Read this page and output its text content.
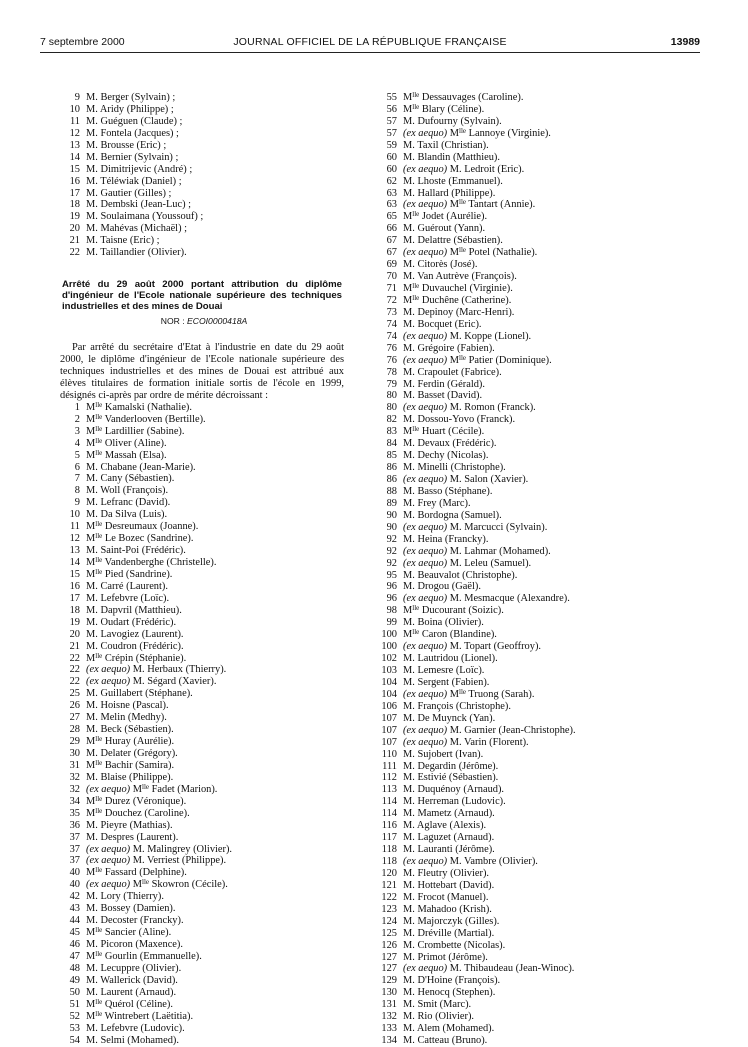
7 septembre 2000	JOURNAL OFFICIEL DE LA RÉPUBLIQUE FRANÇAISE	13989
9 M. Berger (Sylvain) ;
10 M. Aridy (Philippe) ;
11 M. Guéguen (Claude) ;
12 M. Fontela (Jacques) ;
13 M. Brousse (Eric) ;
14 M. Bernier (Sylvain) ;
15 M. Dimitrijevic (André) ;
16 M. Téléwiak (Daniel) ;
17 M. Gautier (Gilles) ;
18 M. Dembski (Jean-Luc) ;
19 M. Soulaimana (Youssouf) ;
20 M. Mahévas (Michaël) ;
21 M. Taisne (Eric) ;
22 M. Taillandier (Olivier).
Arrêté du 29 août 2000 portant attribution du diplôme d'ingénieur de l'Ecole nationale supérieure des techniques industrielles et des mines de Douai
NOR : ECOI0000418A
Par arrêté du secrétaire d'Etat à l'industrie en date du 29 août 2000, le diplôme d'ingénieur de l'Ecole nationale supérieure des techniques industrielles et des mines de Douai est attribué aux élèves titulaires de formation initiale sortis de l'école en 1999, désignés ci-après par ordre de mérite décroissant :
1 $M^{lle}$ Kamalski (Nathalie).
2 $M^{lle}$ Vanderlooven (Bertille).
3 $M^{lle}$ Lardillier (Sabine).
4 $M^{lle}$ Oliver (Aline).
5 $M^{lle}$ Massah (Elsa).
6 M. Chabane (Jean-Marie).
7 M. Cany (Sébastien).
8 M. Woll (François).
9 M. Lefranc (David).
10 M. Da Silva (Luis).
11 $M^{lle}$ Desreumaux (Joanne).
12 $M^{lle}$ Le Bozec (Sandrine).
13 M. Saint-Poi (Frédéric).
14 $M^{lle}$ Vandenberghe (Christelle).
15 $M^{lle}$ Pied (Sandrine).
16 M. Carré (Laurent).
17 M. Lefebvre (Loïc).
18 M. Dapvril (Matthieu).
19 M. Oudart (Frédéric).
20 M. Lavogiez (Laurent).
21 M. Coudron (Frédéric).
22 $M^{lle}$ Crépin (Stéphanie).
22 (ex aequo) M. Herbaux (Thierry).
22 (ex aequo) M. Ségard (Xavier).
25 M. Guillabert (Stéphane).
26 M. Hoisne (Pascal).
27 M. Melin (Medhy).
28 M. Beck (Sébastien).
29 $M^{lle}$ Huray (Aurélie).
30 M. Delater (Grégory).
31 $M^{lle}$ Bachir (Samira).
32 M. Blaise (Philippe).
32 (ex aequo) $M^{lle}$ Fadet (Marion).
34 $M^{lle}$ Durez (Véronique).
35 $M^{lle}$ Douchez (Caroline).
36 M. Pieyre (Mathias).
37 M. Despres (Laurent).
37 (ex aequo) M. Malingrey (Olivier).
37 (ex aequo) M. Verriest (Philippe).
40 $M^{lle}$ Fassard (Delphine).
40 (ex aequo) $M^{lle}$ Skowron (Cécile).
42 M. Lory (Thierry).
43 M. Bossey (Damien).
44 M. Decoster (Francky).
45 $M^{lle}$ Sancier (Aline).
46 M. Picoron (Maxence).
47 $M^{lle}$ Gourlin (Emmanuelle).
48 M. Lecuppre (Olivier).
49 M. Wallerick (David).
50 M. Laurent (Arnaud).
51 $M^{lle}$ Quérol (Céline).
52 $M^{lle}$ Wintrebert (Laëtitia).
53 M. Lefebvre (Ludovic).
54 M. Selmi (Mohamed).
55 $M^{lle}$ Dessauvages (Caroline).
56 $M^{lle}$ Blary (Céline).
57 M. Dufourny (Sylvain).
57 (ex aequo) $M^{lle}$ Lannoye (Virginie).
59 M. Taxil (Christian).
60 M. Blandin (Matthieu).
60 (ex aequo) M. Ledroit (Eric).
62 M. Lhoste (Emmanuel).
63 M. Hallard (Philippe).
63 (ex aequo) $M^{lle}$ Tantart (Annie).
65 $M^{lle}$ Jodet (Aurélie).
66 M. Guérout (Yann).
67 M. Delattre (Sébastien).
67 (ex aequo) $M^{lle}$ Potel (Nathalie).
69 M. Citorès (José).
70 M. Van Autrève (François).
71 $M^{lle}$ Duvauchel (Virginie).
72 $M^{lle}$ Duchêne (Catherine).
73 M. Depinoy (Marc-Henri).
74 M. Bocquet (Eric).
74 (ex aequo) M. Koppe (Lionel).
76 M. Grégoire (Fabien).
76 (ex aequo) $M^{lle}$ Patier (Dominique).
78 M. Crapoulet (Fabrice).
79 M. Ferdin (Gérald).
80 M. Basset (David).
80 (ex aequo) M. Romon (Franck).
82 M. Dossou-Yovo (Franck).
83 $M^{lle}$ Huart (Cécile).
84 M. Devaux (Frédéric).
85 M. Dechy (Nicolas).
86 M. Minelli (Christophe).
86 (ex aequo) M. Salon (Xavier).
88 M. Basso (Stéphane).
89 M. Frey (Marc).
90 M. Bordogna (Samuel).
90 (ex aequo) M. Marcucci (Sylvain).
92 M. Heina (Francky).
92 (ex aequo) M. Lahmar (Mohamed).
92 (ex aequo) M. Leleu (Samuel).
95 M. Beauvalot (Christophe).
96 M. Drogou (Gaël).
96 (ex aequo) M. Mesmacque (Alexandre).
98 $M^{lle}$ Ducourant (Soizic).
99 M. Boina (Olivier).
100 $M^{lle}$ Caron (Blandine).
100 (ex aequo) M. Topart (Geoffroy).
102 M. Lautridou (Lionel).
103 M. Lemesre (Loïc).
104 M. Sergent (Fabien).
104 (ex aequo) $M^{lle}$ Truong (Sarah).
106 M. François (Christophe).
107 M. De Muynck (Yan).
107 (ex aequo) M. Garnier (Jean-Christophe).
107 (ex aequo) M. Varin (Florent).
110 M. Sujobert (Ivan).
111 M. Degardin (Jérôme).
112 M. Estivié (Sébastien).
113 M. Duquénoy (Arnaud).
114 M. Herreman (Ludovic).
114 M. Mametz (Arnaud).
116 M. Aglave (Alexis).
117 M. Laguzet (Arnaud).
118 M. Lauranti (Jérôme).
118 (ex aequo) M. Vambre (Olivier).
120 M. Fleutry (Olivier).
121 M. Hottebart (David).
122 M. Frocot (Manuel).
123 M. Mahadoo (Krish).
124 M. Majorczyk (Gilles).
125 M. Dréville (Martial).
126 M. Crombette (Nicolas).
127 M. Primot (Jérôme).
127 (ex aequo) M. Thibaudeau (Jean-Winoc).
129 M. D'Hoine (François).
130 M. Henocq (Stephen).
131 M. Smit (Marc).
132 M. Rio (Olivier).
133 M. Alem (Mohamed).
134 M. Catteau (Bruno).
